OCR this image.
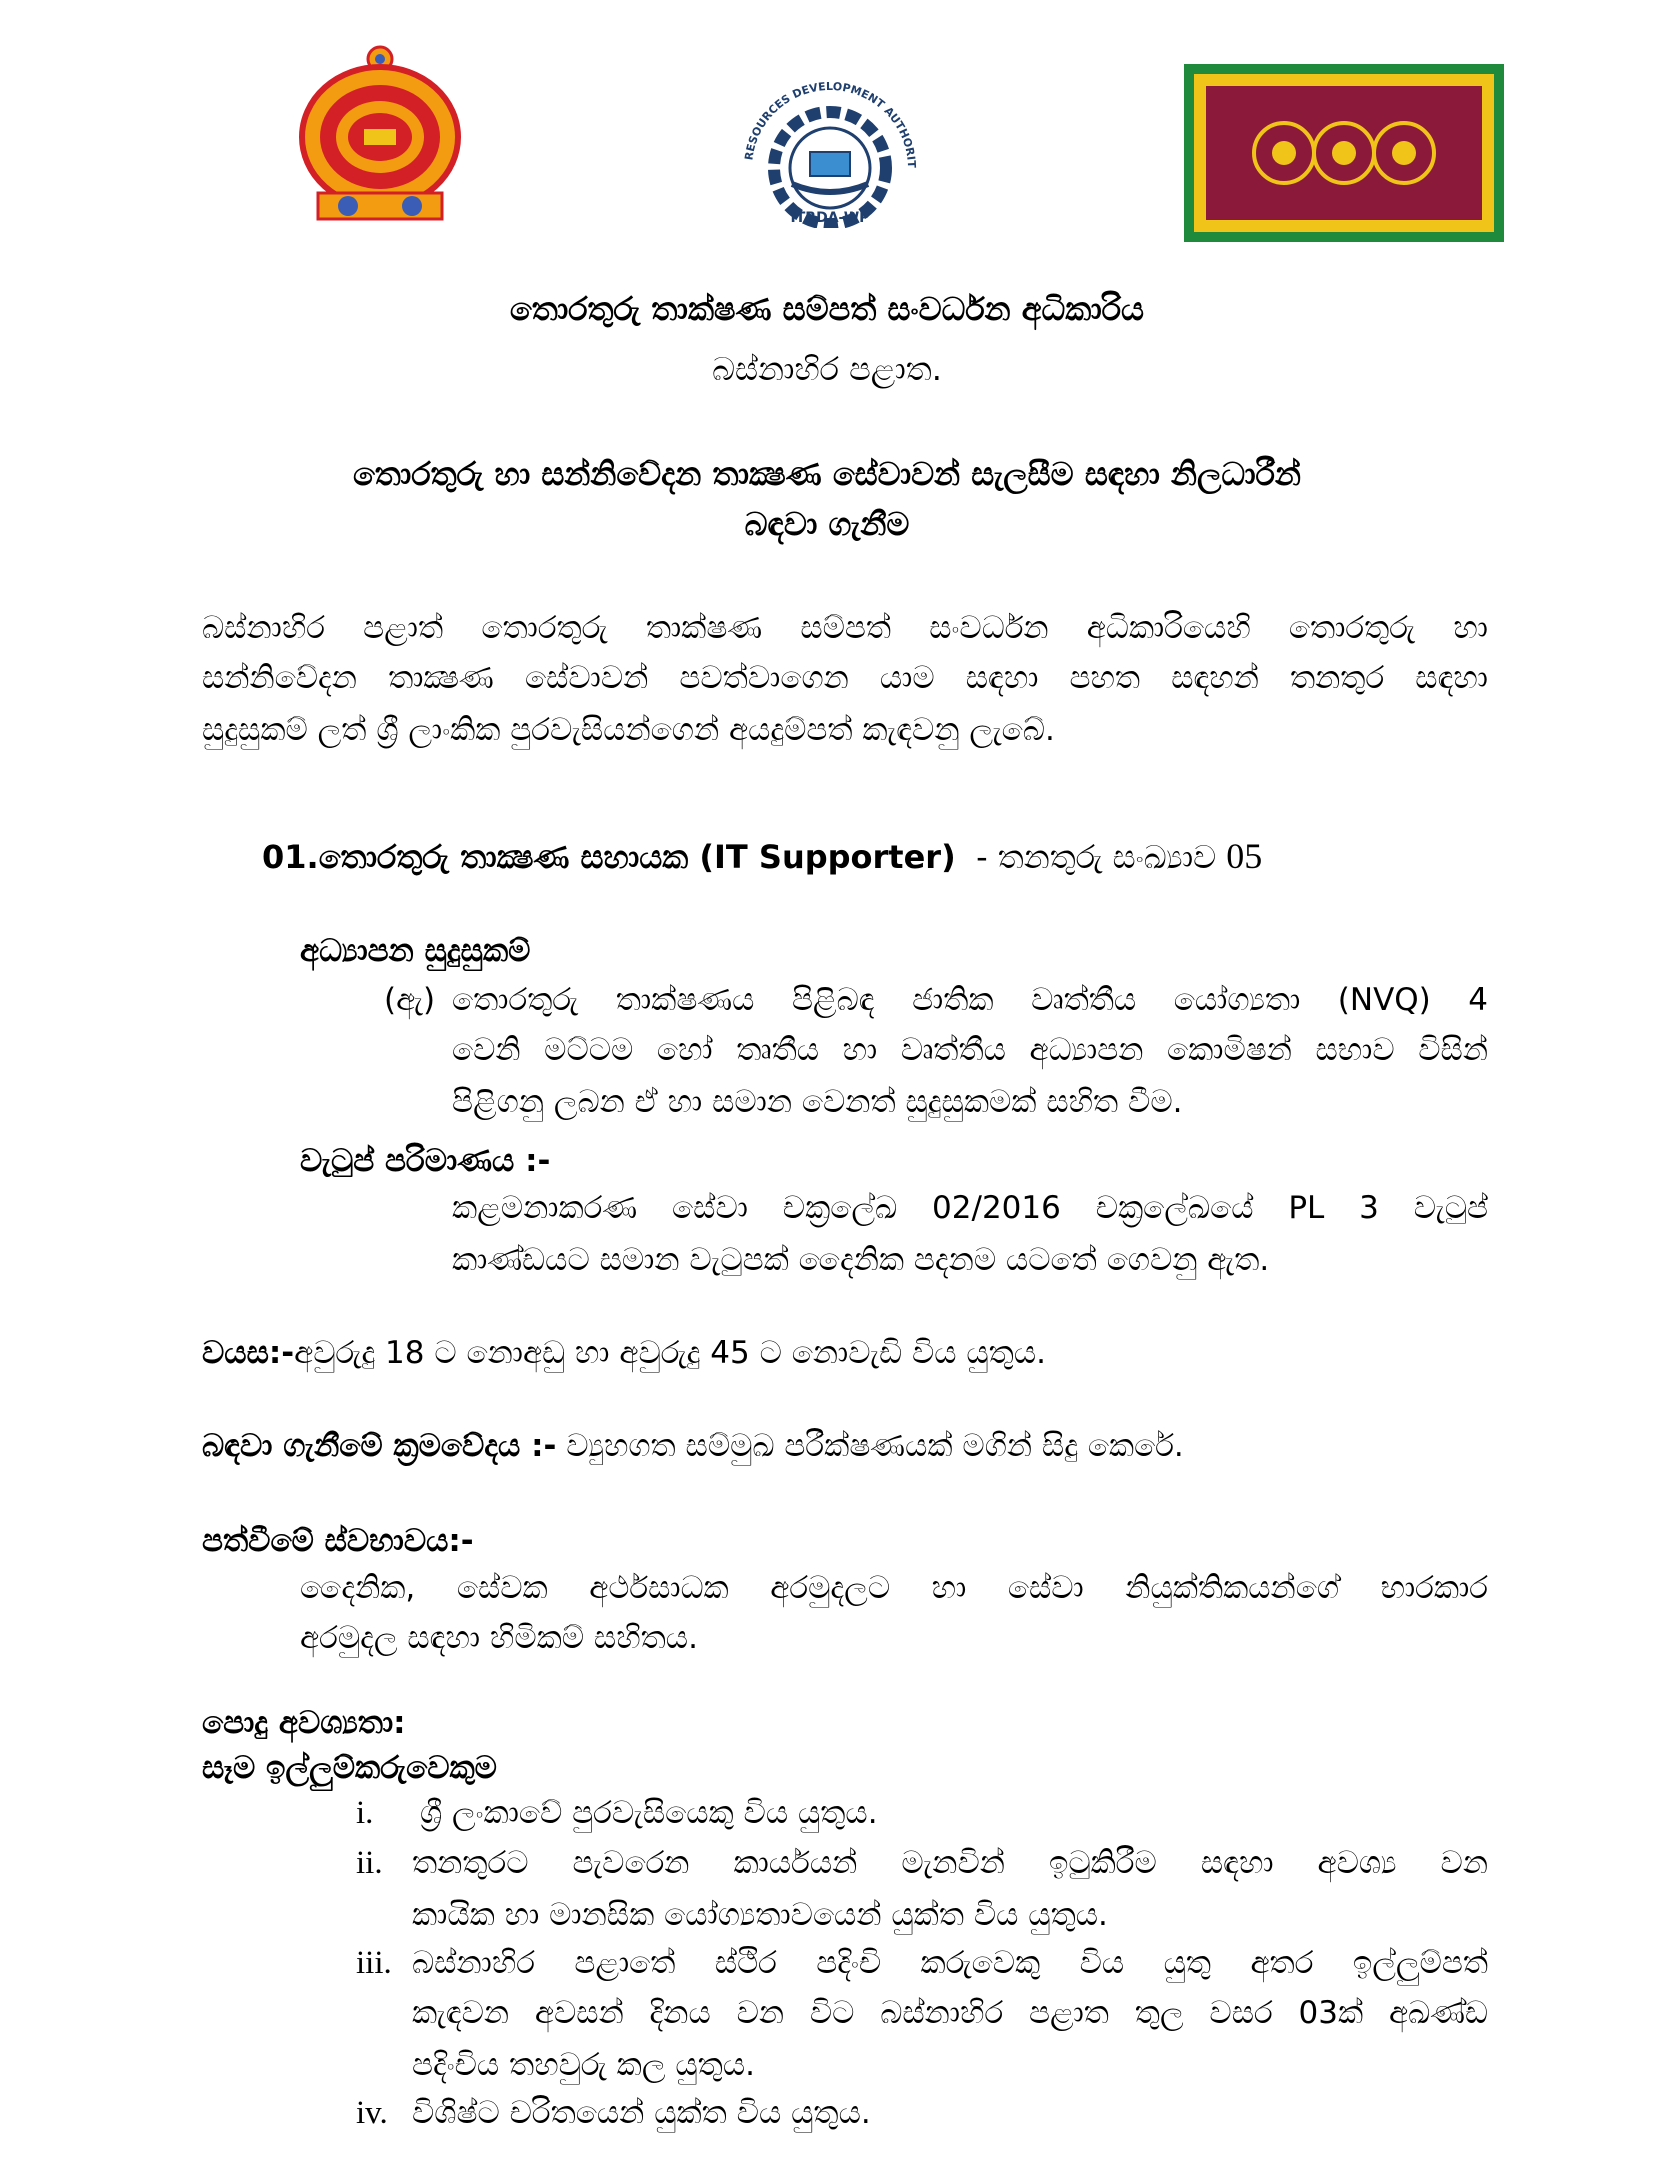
RESOURCES DEVELOPMENT AUTHORIT
ITRDA-WP
තොරතුරු තාක්ෂණ සම්පත් සංවර්ධන අධිකාරිය
බස්නාහිර පළාත.
තොරතුරු හා සන්නිවේදන තාක්‍ෂණ සේවාවන් සැලසීම සඳහා නිලධාරීන්
බඳවා ගැනීම
බස්නාහිර පළාත් තොරතුරු තාක්ෂණ සම්පත් සංවර්ධන අධිකාරියෙහි තොරතුරු හා
සන්නිවේදන තාක්‍ෂණ සේවාවන් පවත්වාගෙන යාම සඳහා පහත සඳහන් තනතුර සඳහා
සුදුසුකම් ලත් ශ්‍රී ලාංකික පුරවැසියන්ගෙන් අයදුම්පත් කැඳවනු ලැබේ.
01.තොරතුරු තාක්‍ෂණ සහායක (IT Supporter) - තනතුරු සංඛ්‍යාව 05
අධ්‍යාපන සුදුසුකම්
(ඇ) තොරතුරු තාක්ෂණය පිළිබඳ ජාතික වෘත්තීය යෝග්‍යතා (NVQ) 4
වෙනි මට්ටම හෝ තෘතීය හා වෘත්තීය අධ්‍යාපන කොමිෂන් සභාව විසින්
පිළිගනු ලබන ඒ හා සමාන වෙනත් සුදුසුකමක් සහිත වීම.
වැටුප් පරිමාණය :-
කළමනාකරණ සේවා චක්‍රලේඛ 02/2016 චක්‍රලේඛයේ PL 3 වැටුප්
කාණ්ඩයට සමාන වැටුපක් දෛනික පදනම යටතේ ගෙවනු ඇත.
වයස:-අවුරුදු 18 ට නොඅඩු හා අවුරුදු 45 ට නොවැඩි විය යුතුය.
බඳවා ගැනීමේ ක්‍රමවේදය :- ව්‍යුහගත සම්මුඛ පරීක්ෂණයක් මගින් සිදු කෙරේ.
පත්වීමේ ස්වභාවය:-
දෛනික, සේවක අර්ථසාධක අරමුදලට හා සේවා නියුක්තිකයන්ගේ භාරකාර
අරමුදල සඳහා හිමිකම් සහිතය.
පොදු අවශ්‍යතා:
සෑම ඉල්ලුම්කරුවෙකුම
i. ශ්‍රී ලංකාවේ පුරවැසියෙකු විය යුතුය.
ii. තනතුරට පැවරෙන කාර්යයන් මැනවින් ඉටුකිරීම සඳහා අවශ්‍ය වන
කායික හා මානසික යෝග්‍යතාවයෙන් යුක්ත විය යුතුය.
iii. බස්නාහිර පළාතේ ස්ථිර පදිංචි කරුවෙකු විය යුතු අතර ඉල්ලුම්පත්
කැඳවන අවසන් දිනය වන විට බස්නාහිර පළාත තුල වසර 03ක් අඛණ්ඩ
පදිංචිය තහවුරු කල යුතුය.
iv. විශිෂ්ට චරිතයෙන් යුක්ත විය යුතුය.
